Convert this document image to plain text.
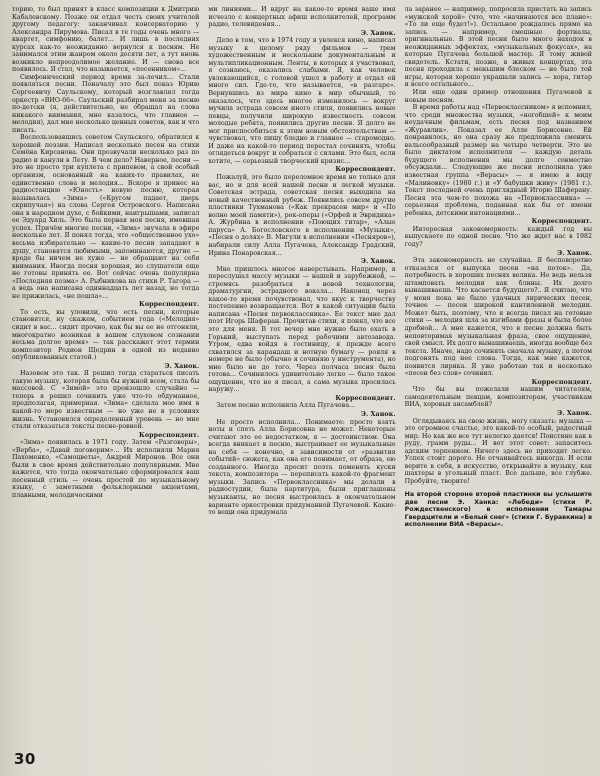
торию, то был принят в класс композиции к Дмитрию Кабалевскому. Позже он отдал честь своих учителей другому педагогу: заканчивал консерваторию у Александра Пирумова. Писал в те годы очень много — квартет, симфонию, балет... И лишь в последних курсах как-то неожиданно вернулся к песням. Не занимался этим жанром около десяти лет, а тут вновь возникло непреодолимое желание. И — снова все появилось. Я стал, что называется, «песенником»...

Симфонический период время за-лечил... Стали появляться песни. Поначалу это был показ Юрию Сергеевичу Саульскому, который возглавлял тогда оркестр «ВИО-66». Саульский разбирал меня за песню по-детски (я, действительно, не обращал на слова никакого внимания, мне казалось, что главное — мелодия), дал мне несколько ценных советов, как и что писать.

Воспользовавшись советом Саульского, обратился к хорошей поэзии. Написал несколько песен на стихи Семёна Кирсанова. Они прозвучали несколько раз по радио и канули в Лету. В чем дело? Наверное, песни — это не просто три куплета с припевом, а свой особый организм, основанный на каких-то правилах, не единственно слова и мелодия... Вскоре я принес на радиостанцию «Юность» новую песню, которая называлась «Зима» («Кругом падает, дверь скрипучая») на слова Сергея Островского. Написана она в народном духе, с бойкими, наигрышами, записал ее Эдуард Хиль. Это была первая моя песня, имевшая успех. Причём многие песни, «Зима» звучала в эфире несколько лет. Я понял тогда, что «общественное ухо» весьма избирательно — какие-то песни западают в душу, становятся любимыми, запоминаются, другие — вроде бы ничем не хуже — не обращают на себя внимания. Иногда песня хорошая, но слушатели еще не готовы принять ее. Вот сейчас очень популярна «Последняя поэма» А. Рыбникова на стихи Р. Тагора — а ведь она написана одиннадцать лет назад, но тогда не прижилась, «не пошла»...

Корреспондент.

То есть, вы уловили, что есть песни, которые становятся, ну скажем, событием года («Мелодия» сидит в вас... сидит прочно, как бы вы ее не отгоняли, многократно возникая в вашем слуховом сознании весьма долгое время» — так расскажет этот термин композитор Родион Щедрин в одной из недавно опубликованных статей.)

Э. Ханок.

Назовем это так. Я решил тогда стараться писать такую музыку, которая была бы нужной всем, стала бы массовой. С «Зимой» это произошло случайно — теперь я решил сочинить уже что-то обдуманное, предполагая, примерная. «Зима» сделала мое имя в какой-то мере известным — но уже не в условиях жизнь. Установился определенный уровень — но мне стали отказаться тексты песне-ровней.

Корреспондент.

«Зима» появилась в 1971 году. Затем «Разговоры», «Верба», «Давай поговорим»... Их исполняли Мария Пахоменко, «Самоцветы», Андрей Миронов. Все они были в свое время действительно популярными. Мне кажется, что тогда окончательно сформировался ваш песенный стиль — очень простой по музыкальному языку, с заметными фольклорными акцентами, плавными, мелодическими

ми линиями... И вдруг на какое-то время ваше имя исчезло с концертных афиш исполнителей, программ радио, телевидения...

Э. Ханок.

Дело в том, что в 1974 году я увлекся кино, написал музыку к целому ряду фильмов — трем художественным и нескольким документальным и мультипликационным. Ленты, в которых я участвовал, я сознаюсь, оказались слабыми. Я, как человек увлекающийся, с головой ушел в работу и отдал ей много сил. Где-то, что называется, «в разгаре». Вернувшись из мира кино в мир обычный, то оказалось, что здесь многое изменилось — вокруг мучила эстрада совсем иного стиля, появились новые певцы, получили широкую известность совсем молодые ребята, появились другие песни. Я долго не мог приспособиться к этим новым обстоятельствам — чувствовал, что пишу бледно и главное — старомодно. И даже на какой-то период перестал сочинять, чтобы оглядеться вокруг и собраться с силами. Это был, если хотите, — серьезный творческий кризис...

Корреспондент.

Пожалуй, это было переломное время не только для вас, но и для всей нашей песни и легкой музыки. Советская эстрада, советская песня выходила на новый качественный рубеж. Появились совсем другие пластинки Тухманова («Как прекрасен мир» и «По волне моей памяти»), рок-оперы («Орфей и Эвридика» А. Журбина в исполнении «Поющих гитар», «Алые паруса» А. Богословского в исполнении «Музыки», «Песня о долях» В. Мигули в исполнении «Песняров»), набирали силу Алла Пугачева, Александр Градский, Ирина Понаровская...

Э. Ханок.

Мне пришлось многое наверстывать. Например, я переслушал массу музыки — нашей и зарубежной, — стремясь разобраться в новой технологии, драматургии, эстрадного вокала... Наконец через какое-то время почувствовал, что вкус к творчеству постепенно возвращается. Вот в какой ситуации была написана «Песня первоклассника». Ее текст мне дал поэт Игорь Шаферан. Прочитав стихи, я понял, что все это для меня. В тот вечер мне нужно было ехать в Горький, выступать перед рабочими автозавода. Утром, едва войдя в гостиницу, я прежде всего схватился за карандаш и нотную бумагу — рояля в номере не было (обычно я сочиняю у инструмента), но мне было не до того. Через полчаса песня была готова... Сочинилось удивительно легко — было такое ощущение, что не я писал, а сама музыка просилась наружу...

Корреспондент.

Затем песню исполнила Алла Пугачева...

Э. Ханок.

Не просто исполнила... Понимаете: просто взять ноты и спеть Алла Борисовна не может. Некоторые считают это ее недостатком, я — достоинством. Она всегда вникает в песню, выстраивает ее музыкальные на себя — конечно, в зависимости от «развития событий» сюжета, как она его понимает, от образа, ею созданного. Иногда просит поэта поменять куски текста, композитора — переписать какой-то фрагмент музыки. Запись «Первоклассника» мы делали в радиостудии, была партитура, были приглашены музыканты, но песня выстроилась в окончательном варианте оркестровки придуманной Пугачевой. Какие-то вещи она придумала

ла заранее — например, попросила пристать на запись «мужской хорой» (что, что «начинаются все плане»: «То ли еще будет!»). Остальное рождалось прямо на запись — например, смешные фортиалы, оригинальные. В этой песни было много находок в неожиданных эффектах, «музыкальных фокусах», на которые Пугачева большой мастер. Я тому живой свидетель. Кстати, позже, в живых концертах, эта песня проходила с меньшим блеском — не было той игры, которая хорошо украшали запись — хора, гитар и всего остального...

Или еще один пример отношения Пугачевой к новым песням.

В время работы над «Первоклассником» я вспомнил, что среди множества музыки, «ногобшей» к моим неудачным фильмам, есть песня под названием «Журавлик». Показал ее Алле Борисовне. Ей понравилось, но она сразу же предложила сменить вальсообразный размер на четыре четверти. Это не было диктатом исполнителя — каждую деталь будущего исполнения мы долго совместно обсуждали... Следующие же песни исполнила уже известная группа «Верасы» — я имею в виду «Малиновку» (1980 г.) и «У бабушки живу» (1981 г.). Текст последней очень приглядный Игорю Шаферану. Песня эта чем-то похожа на «Первоклассника» — серьезная проблема, поданная как бы от имени ребенка, детскими интонациями...

Корреспондент.

Интересная закономерность: каждый год вы выпускаете по одной песне. Что же ждет нас в 1982 году?

Э. Ханок.

Эта закономерность не случайна. Я бесповоротно отказался от выпуска песен «на поток». Да, потребность в хороших песнях велика. Но ведь нельзя штамповать мелодии как блины. Их долго вынашиваешь. Что касается будущего?.. Я считаю, что у меня пока не было удачных лирических песен, точнее — песен широкой кантиленной мелодии. Может быть, поэтому, что я всегда писал на готовые стихи — мелодия шла за изгибами фразы и была более дробной... А мне кажется, что в песне должна быть неповторимая музыкальная фраза, свое ощущение, свой смысл. Их долго вынашиваешь, иногда вообще без текста. Иначе, надо сочинять сначала музыку, а потом подгонять под нее слова. Тогда, как мне кажется, появится лирика. Я уже работаю так и несколько «песен без слов» сочинил.

Корреспондент.

Что бы вы пожелали нашим читателям, самодеятельным певцам, композиторам, участникам ВИА, хоровых ансамблей?

Э. Ханок.

Оглядываясь на свою жизнь, могу сказать: музыка — это огромное счастье, это какой-то особый, радостный мир. Но как же все тут нелегко дается! Поистине как в руду, грамм руды... И вот этот совет: запаситесь адским терпением. Ничего здесь не приходит легко. Успех стоит дорого. Не отчаивайтесь никогда. И если верите в себя, в искусство, открывайте в музыку, как шахтеры в угольный пласт. Все дальше, все глубже. Пробуйте, творите!

На второй стороне второй пластинки вы услышите две песни Э. Ханка: «Лебеди» (стихи Р. Рождественского) в исполнении Тамары Гвердцители и «Белый снег» (стихи Г. Буравкина) в исполнении ВИА «Верасы».

30
